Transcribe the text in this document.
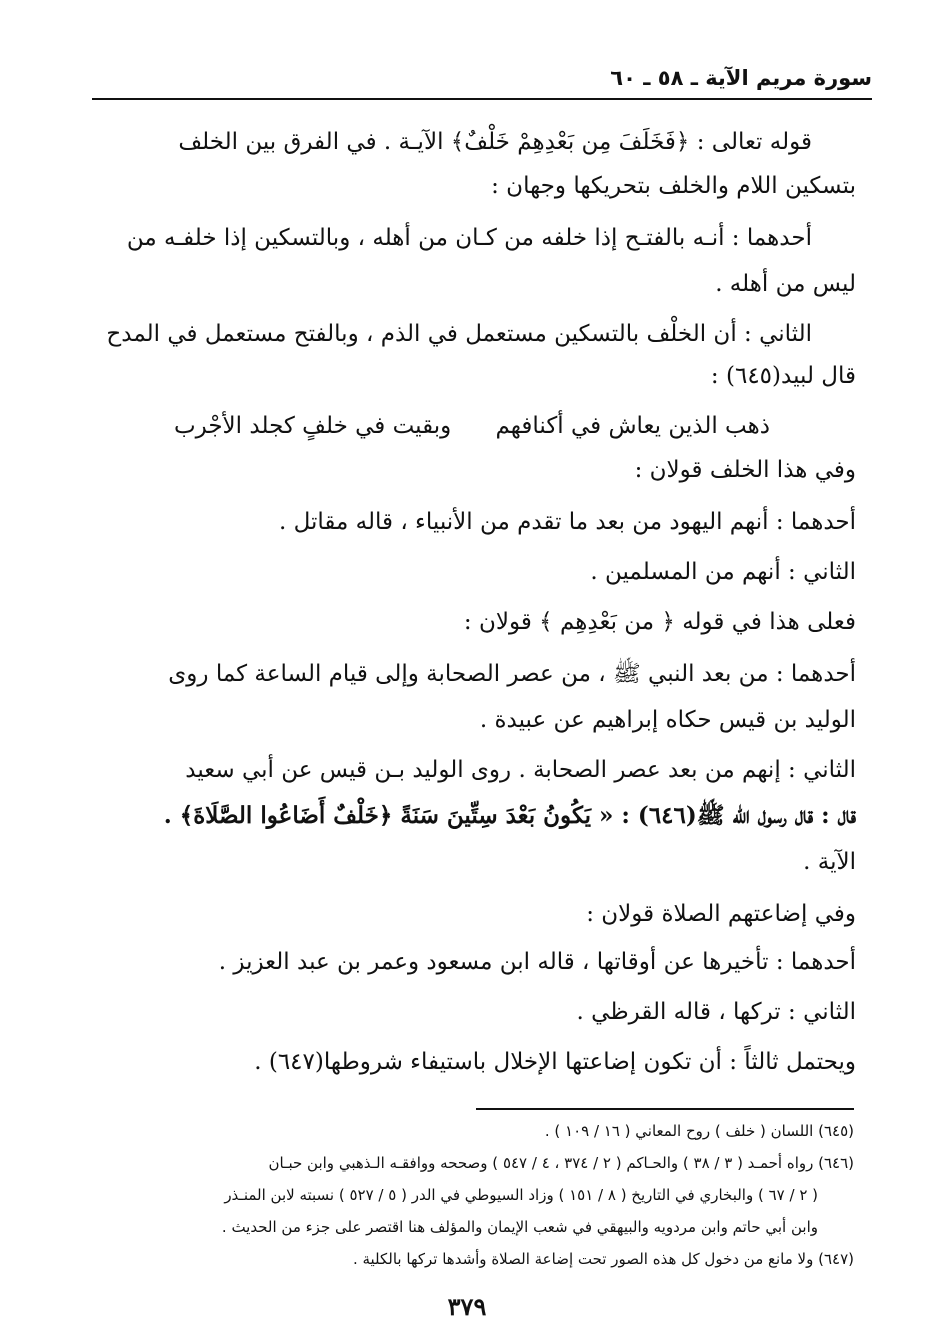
سورة مريم الآية ـ ٥٨ ـ ٦٠
قوله تعالى : ﴿فَخَلَفَ مِن بَعْدِهِمْ خَلْفٌ﴾ الآيـة . في الفرق بين الخلف
بتسكين اللام والخلف بتحريكها وجهان :
أحدهما : أنـه بالفتـح إذا خلفه من كـان من أهله ، وبالتسكين إذا خلفـه من
ليس من أهله .
الثاني : أن الخلْف بالتسكين مستعمل في الذم ، وبالفتح مستعمل في المدح
قال لبيد(٦٤٥) :
ذهب الذين يعاش في أكنافهم
وبقيت في خلفٍ كجلد الأجْرب
وفي هذا الخلف قولان :
أحدهما : أنهم اليهود من بعد ما تقدم من الأنبياء ، قاله مقاتل .
الثاني : أنهم من المسلمين .
فعلى هذا في قوله ﴿ من بَعْدِهِم ﴾ قولان :
أحدهما : من بعد النبي ﷺ ، من عصر الصحابة وإلى قيام الساعة كما روى
الوليد بن قيس حكاه إبراهيم عن عبيدة .
الثاني : إنهم من بعد عصر الصحابة . روى الوليد بـن قيس عن أبي سعيد
قال : قال رسول الله ﷺ(٦٤٦) : « يَكُونُ بَعْدَ سِتِّينَ سَنَةً ﴿خَلْفٌ أَضَاعُوا الصَّلَاةَ﴾ .
الآية .
وفي إضاعتهم الصلاة قولان :
أحدهما : تأخيرها عن أوقاتها ، قاله ابن مسعود وعمر بن عبد العزيز .
الثاني : تركها ، قاله القرظي .
ويحتمل ثالثاً : أن تكون إضاعتها الإخلال باستيفاء شروطها(٦٤٧) .
(٦٤٥) اللسان ( خلف ) روح المعاني ( ١٦ / ١٠٩ ) .
(٦٤٦) رواه أحمـد ( ٣ / ٣٨ ) والحـاكم ( ٢ / ٣٧٤ ، ٤ / ٥٤٧ ) وصححه ووافقـه الـذهبي وابن حبـان
( ٢ / ٦٧ ) والبخاري في التاريخ ( ٨ / ١٥١ ) وزاد السيوطي في الدر ( ٥ / ٥٢٧ ) نسبته لابن المنـذر
وابن أبي حاتم وابن مردويه والبيهقي في شعب الإيمان والمؤلف هنا اقتصر على جزء من الحديث .
(٦٤٧) ولا مانع من دخول كل هذه الصور تحت إضاعة الصلاة وأشدها تركها بالكلية .
٣٧٩
